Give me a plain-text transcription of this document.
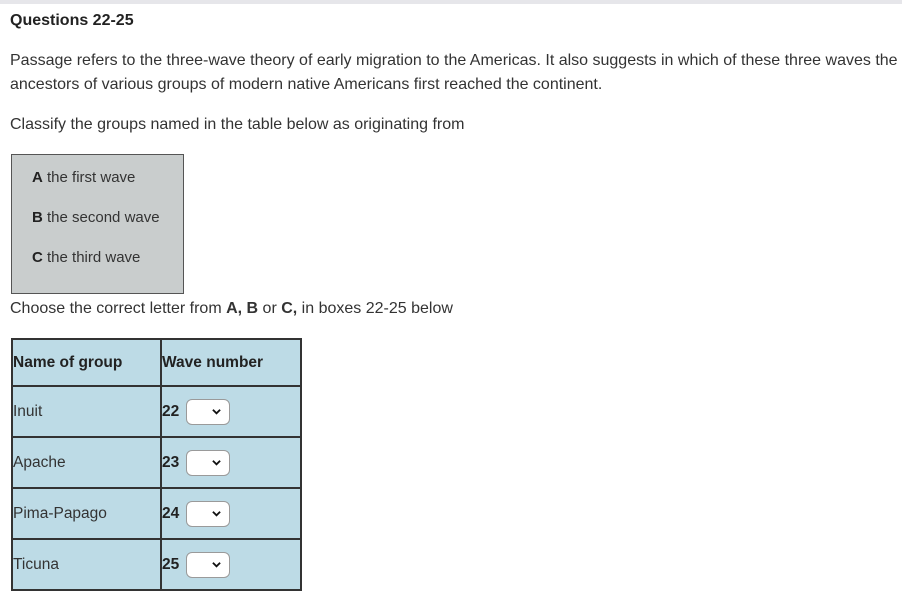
Questions 22-25

Passage refers to the three-wave theory of early migration to the Americas. It also suggests in which of these three waves the ancestors of various groups of modern native Americans first reached the continent.

Classify the groups named in the table below as originating from

A the first wave
B the second wave
C the third wave

Choose the correct letter from A, B or C, in boxes 22-25 below

Name of group	Wave number
Inuit	22

Apache	23

Pima-Papago	24

Ticuna	25
